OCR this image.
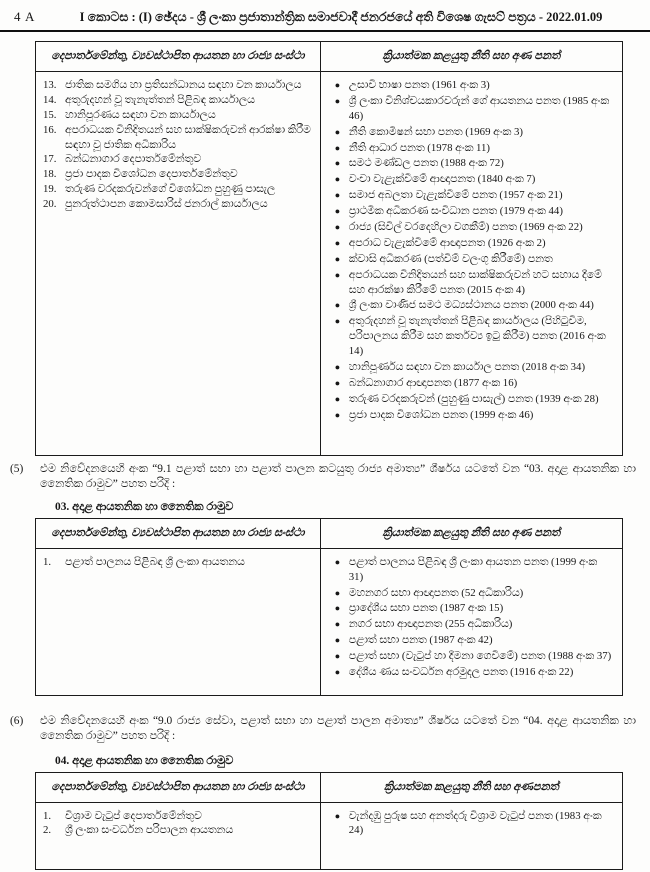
4 A	I කොටස : (I) ඡේදය - ශ්‍රී ලංකා ප්‍රජාතාන්ත්‍රික සමාජවාදී ජනරජයේ අති විශෙෂ ගැසට් පත්‍රය - 2022.01.09
දෙපාර්තමේන්තු, ව්‍යවස්ථාපිත ආයතන හා රාජ්‍ය සංස්ථා	ක්‍රියාත්මක කළයුතු නීති සහ අණ පනත්
13. ජාතික සමගිය හා ප්‍රතිසන්ධානය සඳහා වන කාර්යාලය
14. අතුරුදහන් වූ තැනැත්තන් පිළිබඳ කාර්යාලය
15. හානිපූරණය සඳහා වන කාර්යාලය
16. අපරාධයක විනිදිතයන් සහ සාක්ෂිකරුවන් ආරක්ෂා කිරීම සඳහා වූ ජාතික අධිකාරිය
17. බන්ධනාගාර දෙපාර්තමේන්තුව
18. ප්‍රජා පාදක විශෝධන දෙපාර්තමේන්තුව
19. තරුණ වරදකරුවන්ගේ විශෝධන පුහුණු පාසැල
20. පුනරුත්ථාපන කොමසාරිස් ජනරාල් කාර්යාලය
● උසාවි භාෂා පනත (1961 අංක 3)
● ශ්‍රී ලංකා විනිශ්චයකාරවරුන් ගේ ආයතනය පනත (1985 අංක 46)
● නීති කොමිෂන් සභා පනත (1969 අංක 3)
● නීති ආධාර පනත (1978 අංක 11)
● සමථ මණ්ඩල පනත (1988 අංක 72)
● වංචා වැළැක්වීමේ ආඥාපනත (1840 අංක 7)
● සමාජ අබලතා වැළැක්වීමේ පනත (1957 අංක 21)
● ප්‍රාථමික අධිකරණ සංවිධාන පනත (1979 අංක 44)
● රාජ්‍ය (සිවිල් වරදෙහිලා වගකීම්) පනත (1969 අංක 22)
● අපරාධ වැළැක්වීමේ ආඥාපනත (1926 අංක 2)
● ක්වාසි අධිකරණ (පත්වීම් වලංගු කිරීමේ) පනත
● අපරාධයක විනිදිතයන් සහ සාක්ෂිකරුවන් හට සහාය දීමේ සහ ආරක්ෂා කිරීමේ පනත (2015 අංක 4)
● ශ්‍රී ලංකා වාණිජ සමථ මධ්‍යස්ථානය පනත (2000 අංක 44)
● අතුරුදහන් වූ තැනැත්තන් පිළිබඳ කාර්යාලය (පිහිටුවීම, පරිපාලනය කිරීම සහ කර්තව්‍ය ඉටු කිරීම) පනත (2016 අංක 14)
● හානිපූර්ණය සඳහා වන කාර්යාල පනත (2018 අංක 34)
● බන්ධනාගාර ආඥාපනත (1877 අංක 16)
● තරුණ වරදකරුවන් (පුහුණු පාසැල්) පනත (1939 අංක 28)
● ප්‍රජා පාදක විශෝධන පනත (1999 අංක 46)
(5)	එම නිවේදනයෙහි අංක “9.1 පළාත් සභා හා පළාත් පාලන කටයුතු රාජ්‍ය අමාත්‍ය” ශීර්ෂය යටතේ වන “03. අදාළ ආයතනික හා නෛතික රාමුව” පහත පරිදි :
03. අදාළ ආයතනික හා නෛතික රාමුව
දෙපාර්තමේන්තු, ව්‍යවස්ථාපිත ආයතන හා රාජ්‍ය සංස්ථා	ක්‍රියාත්මක කළයුතු නීති සහ අණ පනත්
1.	පළාත් පාලනය පිළිබඳ ශ්‍රී ලංකා ආයතනය	● පළාත් පාලනය පිළිබඳ ශ්‍රී ලංකා ආයතන පනත (1999 අංක 31)
● මහනගර සභා ආඥාපනත (52 අධිකාරිය)
● ප්‍රාදේශීය සභා පනත (1987 අංක 15)
● නගර සභා ආඥාපනත (255 අධිකාරිය)
● පළාත් සභා පනත (1987 අංක 42)
● පළාත් සභා (වැටුප් හා දීමනා ගෙවීමේ) පනත (1988 අංක 37)
● දේශීය ණය සංවර්ධන අරමුදල පනත (1916 අංක 22)
(6)	එම නිවේදනයෙහි අංක “9.0 රාජ්‍ය සේවා, පළාත් සභා හා පළාත් පාලන අමාත්‍ය” ශීර්ෂය යටතේ වන “04. අදාළ ආයතනික හා නෛතික රාමුව” පහත පරිදි :
04. අදාළ ආයතනික හා නෛතික රාමුව
දෙපාර්තමේන්තු, ව්‍යවස්ථාපිත ආයතන හා රාජ්‍ය සංස්ථා	ක්‍රියාත්මක කළයුතු නීති සහ අණපනත්
1.	විශ්‍රාම වැටුප් දෙපාර්තමේන්තුව
2.	ශ්‍රී ලංකා සංවර්ධන පරිපාලන ආයතනය
● වැන්දඹු පුරුෂ සහ අනත්දරු විශ්‍රාම වැටුප් පනත (1983 අංක 24)
